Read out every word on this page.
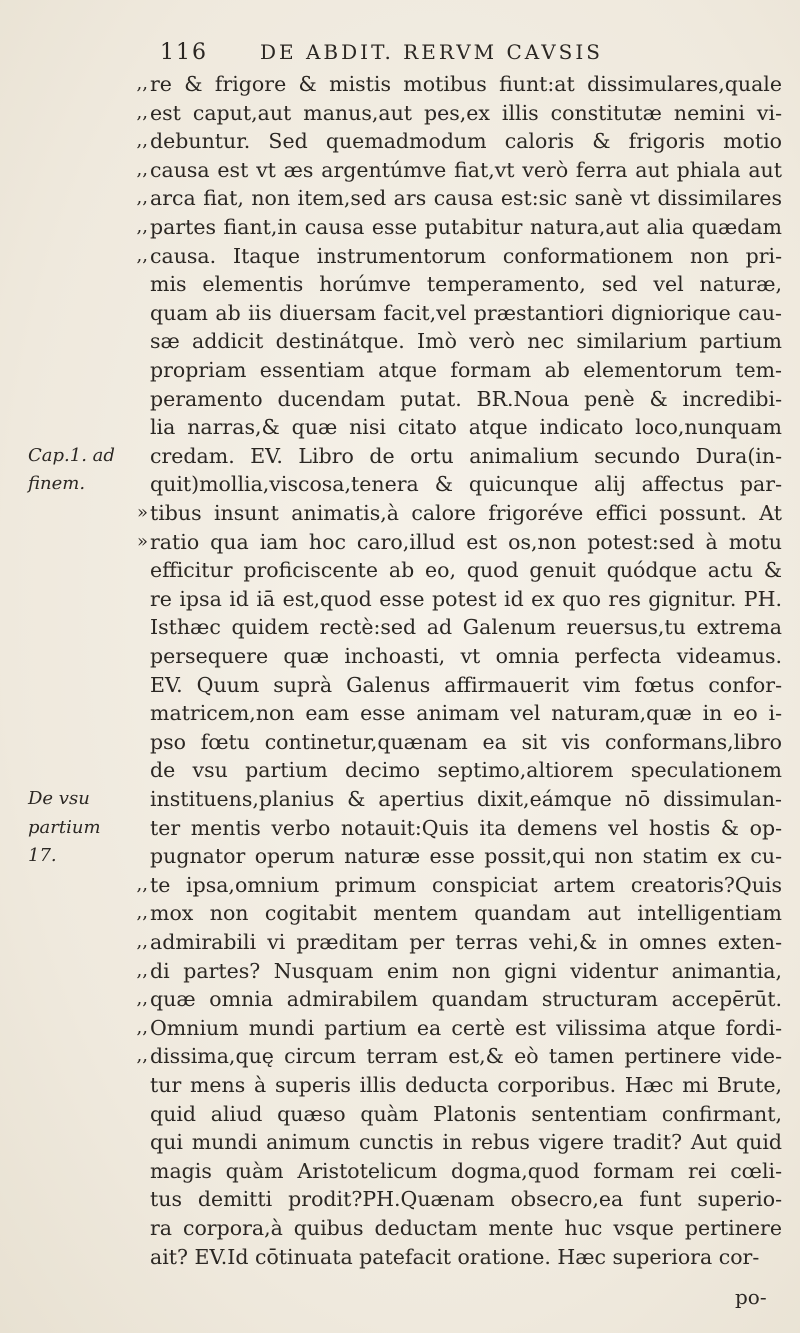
116	DE ABDIT. RERVM CAVSIS
,, re & frigore & mistis motibus fiunt:at dissimulares,quale
,, est caput,aut manus,aut pes,ex illis constitutæ nemini vi-
,, debuntur. Sed quemadmodum caloris & frigoris motio
,, causa est vt æs argentúmve fiat,vt verò ferra aut phiala aut
,, arca fiat, non item,sed ars causa est:sic sanè vt dissimilares
,, partes fiant,in causa esse putabitur natura,aut alia quædam
,, causa. Itaque instrumentorum conformationem non pri-
mis elementis horúmve temperamento, sed vel naturæ,
quam ab iis diuersam facit,vel præstantiori digniorique cau-
sæ addicit destinátque. Imò verò nec similarium partium
propriam essentiam atque formam ab elementorum tem-
peramento ducendam putat. BR.Noua penè & incredibi-
lia narras,& quæ nisi citato atque indicato loco,nunquam
credam. EV. Libro de ortu animalium secundo Dura(in-
quit)mollia,viscosa,tenera & quicunque alij affectus par-
» tibus insunt animatis,à calore frigoréve effici possunt. At
» ratio qua iam hoc caro,illud est os,non potest:sed à motu
efficitur proficiscente ab eo, quod genuit quódque actu &
re ipsa id iā est,quod esse potest id ex quo res gignitur. PH.
Isthæc quidem rectè:sed ad Galenum reuersus,tu extrema
persequere quæ inchoasti, vt omnia perfecta videamus.
EV. Quum suprà Galenus affirmauerit vim fœtus confor-
matricem,non eam esse animam vel naturam,quæ in eo i-
pso fœtu continetur,quænam ea sit vis conformans,libro
de vsu partium decimo septimo,altiorem speculationem
instituens,planius & apertius dixit,eámque nō dissimulan-
ter mentis verbo notauit:Quis ita demens vel hostis & op-
pugnator operum naturæ esse possit,qui non statim ex cu-
,, te ipsa,omnium primum conspiciat artem creatoris?Quis
,, mox non cogitabit mentem quandam aut intelligentiam
,, admirabili vi præditam per terras vehi,& in omnes exten-
,, di partes? Nusquam enim non gigni videntur animantia,
,, quæ omnia admirabilem quandam structuram accepērūt.
,, Omnium mundi partium ea certè est vilissima atque fordi-
,, dissima,quę circum terram est,& eò tamen pertinere vide-
tur mens à superis illis deducta corporibus. Hæc mi Brute,
quid aliud quæso quàm Platonis sententiam confirmant,
qui mundi animum cunctis in rebus vigere tradit? Aut quid
magis quàm Aristotelicum dogma,quod formam rei cœli-
tus demitti prodit?PH.Quænam obsecro,ea funt superio-
ra corpora,à quibus deductam mente huc vsque pertinere
ait? EV.Id cōtinuata patefacit oratione. Hæc superiora cor-
Cap.1. ad
finem.
De vsu
partium
17.
po-
